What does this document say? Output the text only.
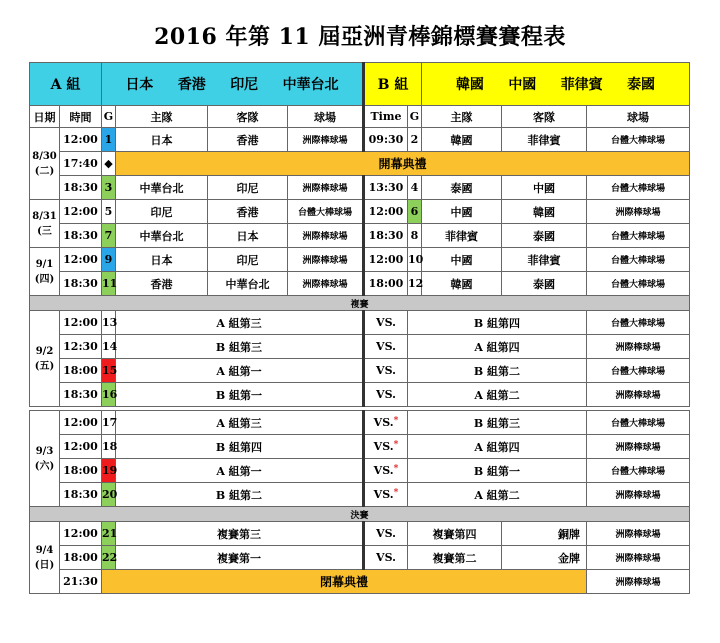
2016 年第 11 屆亞洲青棒錦標賽賽程表
A 組		日本 香港 印尼 中華台北				B 組		韓國 中國 菲律賓 泰國			
日期	時間	G	主隊	客隊	球場	Time	G	主隊	客隊	球場	
8/30
(二)	12:00	1	日本	香港	洲際棒球場	09:30	2	韓國	菲律賓	台體大棒球場	
	17:40	◆	開幕典禮	
	18:30	3	中華台北	印尼	洲際棒球場	13:30	4	泰國	中國	台體大棒球場	
8/31
(三	12:00	5	印尼	香港	台體大棒球場	12:00	6	中國	韓國	洲際棒球場	
	18:30	7	中華台北	日本	洲際棒球場	18:30	8	菲律賓	泰國	台體大棒球場	
9/1
(四)	12:00	9	日本	印尼	洲際棒球場	12:00	10	中國	菲律賓	台體大棒球場	
	18:30	11	香港	中華台北	洲際棒球場	18:00	12	韓國	泰國	台體大棒球場	
複賽											
9/2
(五)	12:00	13	A 組第三			VS.	B 組第四			台體大棒球場	
	12:30	14	B 組第三			VS.	A 組第四			洲際棒球場	
	18:00	15	A 組第一			VS.	B 組第二			台體大棒球場	
	18:30	16	B 組第一			VS.	A 組第二			洲際棒球場	

9/3
(六)	12:00	17	A 組第三			VS.*	B 組第三			台體大棒球場	
	12:00	18	B 組第四			VS.*	A 組第四			洲際棒球場	
	18:00	19	A 組第一			VS.*	B 組第一			台體大棒球場	
	18:30	20	B 組第二			VS.*	A 組第二			洲際棒球場	
決賽											
9/4
(日)	12:00	21	複賽第三			VS.	複賽第四		銅牌	洲際棒球場	
	18:00	22	複賽第一			VS.	複賽第二		金牌	洲際棒球場	
	21:30	閉幕典禮								洲際棒球場	
